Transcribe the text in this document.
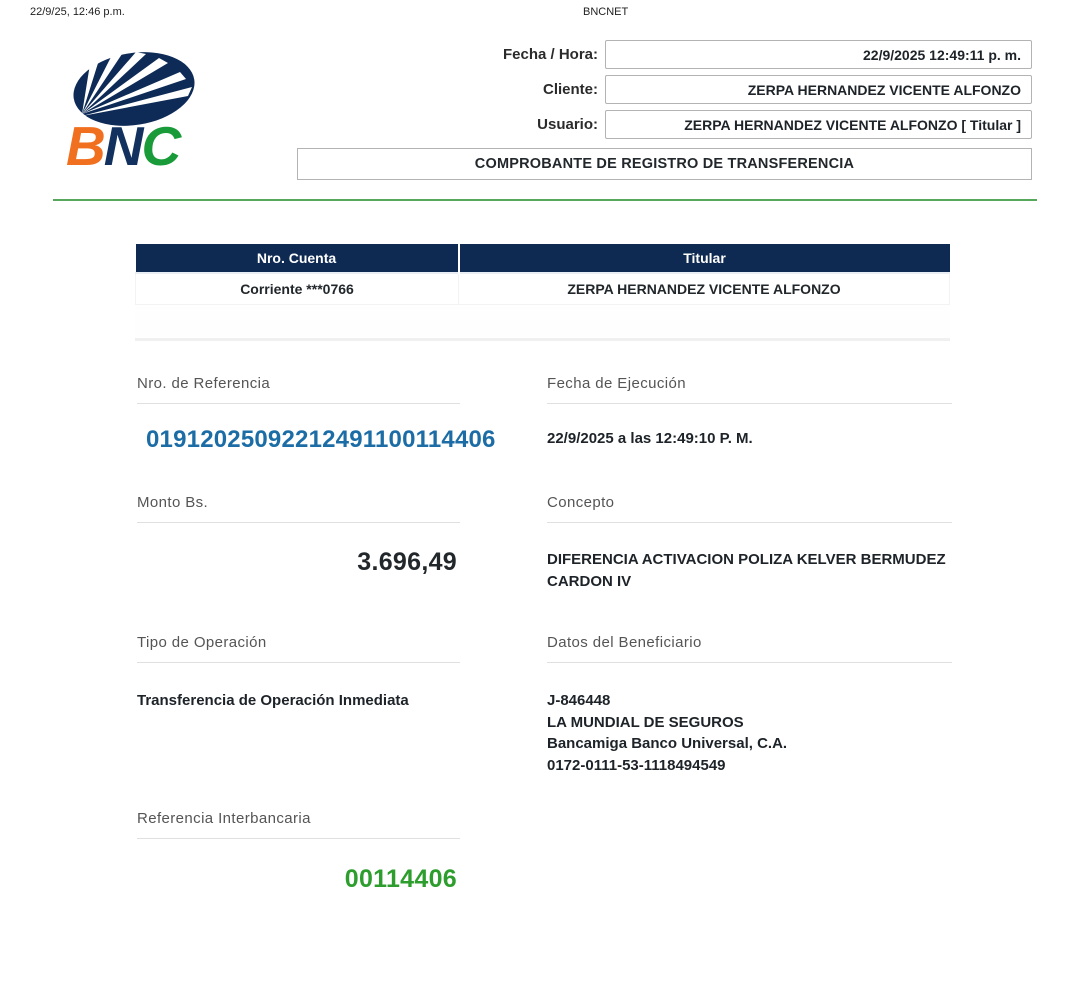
22/9/25, 12:46 p.m.	BNCNET
BNC
Fecha / Hora:	22/9/2025 12:49:11 p. m.
Cliente:	ZERPA HERNANDEZ VICENTE ALFONZO
Usuario:	ZERPA HERNANDEZ VICENTE ALFONZO [ Titular ]
COMPROBANTE DE REGISTRO DE TRANSFERENCIA
Nro. Cuenta	Titular
Corriente ***0766	ZERPA HERNANDEZ VICENTE ALFONZO
Nro. de Referencia
01912025092212491100114406
Fecha de Ejecución
22/9/2025 a las 12:49:10 P. M.
Monto Bs.
3.696,49
Concepto
DIFERENCIA ACTIVACION POLIZA KELVER BERMUDEZ CARDON IV
Tipo de Operación
Transferencia de Operación Inmediata
Datos del Beneficiario
J-846448
LA MUNDIAL DE SEGUROS
Bancamiga Banco Universal, C.A.
0172-0111-53-1118494549
Referencia Interbancaria
00114406
